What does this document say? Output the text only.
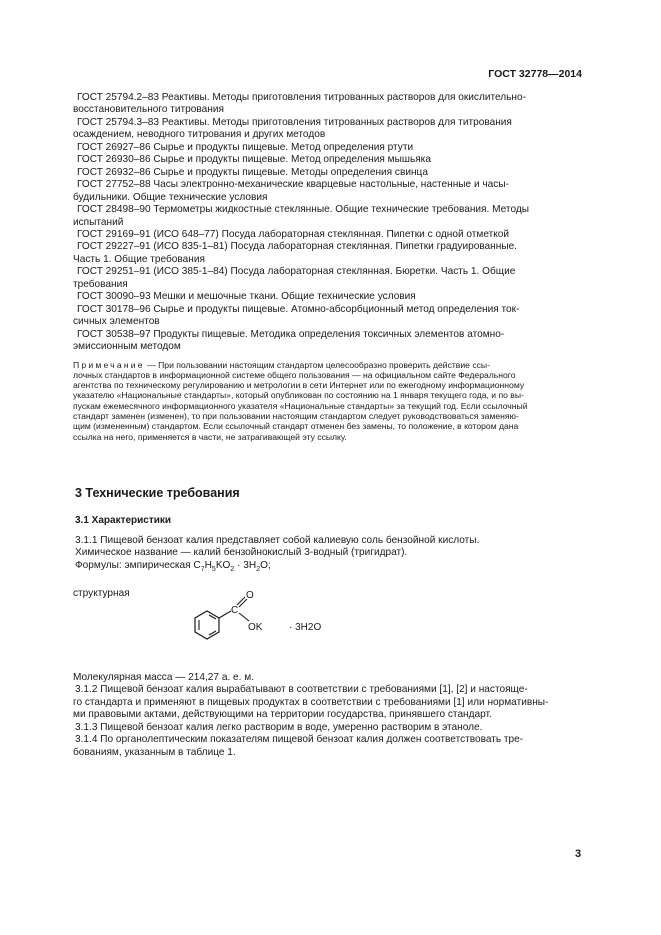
ГОСТ 32778—2014

ГОСТ 25794.2–83 Реактивы. Методы приготовления титрованных растворов для окислительно-
восстановительного титрования

ГОСТ 25794.3–83 Реактивы. Методы приготовления титрованных растворов для титрования
осаждением, неводного титрования и других методов

ГОСТ 26927–86 Сырье и продукты пищевые. Метод определения ртути

ГОСТ 26930–86 Сырье и продукты пищевые. Метод определения мышьяка

ГОСТ 26932–86 Сырье и продукты пищевые. Методы определения свинца

ГОСТ 27752–88 Часы электронно-механические кварцевые настольные, настенные и часы-
будильники. Общие технические условия

ГОСТ 28498–90 Термометры жидкостные стеклянные. Общие технические требования. Методы
испытаний

ГОСТ 29169–91 (ИСО 648–77) Посуда лабораторная стеклянная. Пипетки с одной отметкой

ГОСТ 29227–91 (ИСО 835-1–81) Посуда лабораторная стеклянная. Пипетки градуированные.
Часть 1. Общие требования

ГОСТ 29251–91 (ИСО 385-1–84) Посуда лабораторная стеклянная. Бюретки. Часть 1. Общие
требования

ГОСТ 30090–93 Мешки и мешочные ткани. Общие технические условия

ГОСТ 30178–96 Сырье и продукты пищевые. Атомно-абсорбционный метод определения ток-
сичных элементов

ГОСТ 30538–97 Продукты пищевые. Методика определения токсичных элементов атомно-
эмиссионным методом

Примечание — При пользовании настоящим стандартом целесообразно проверить действие ссы-
лочных стандартов в информационной системе общего пользования — на официальном сайте Федерального
агентства по техническому регулированию и метрологии в сети Интернет или по ежегодному информационному
указателю «Национальные стандарты», который опубликован по состоянию на 1 января текущего года, и по вы-
пускам ежемесячного информационного указателя «Национальные стандарты» за текущий год. Если ссылочный
стандарт заменен (изменен), то при пользовании настоящим стандартом следует руководствоваться заменяю-
щим (измененным) стандартом. Если ссылочный стандарт отменен без замены, то положение, в котором дана
ссылка на него, применяется в части, не затрагивающей эту ссылку.

3 Технические требования
3.1 Характеристики

3.1.1 Пищевой бензоат калия представляет собой калиевую соль бензойной кислоты.

Химическое название — калий бензойнокислый 3-водный (тригидрат).

Формулы: эмпирическая $C_7H_5KO_2 \cdot 3H_2O$;

структурная
C
O
OK	· 3H2O

Молекулярная масса — 214,27 а. е. м.

3.1.2 Пищевой бензоат калия вырабатывают в соответствии с требованиями [1], [2] и настояще-
го стандарта и применяют в пищевых продуктах в соответствии с требованиями [1] или нормативны-
ми правовыми актами, действующими на территории государства, принявшего стандарт.

3.1.3 Пищевой бензоат калия легко растворим в воде, умеренно растворим в этаноле.

3.1.4 По органолептическим показателям пищевой бензоат калия должен соответствовать тре-
бованиям, указанным в таблице 1.

3
